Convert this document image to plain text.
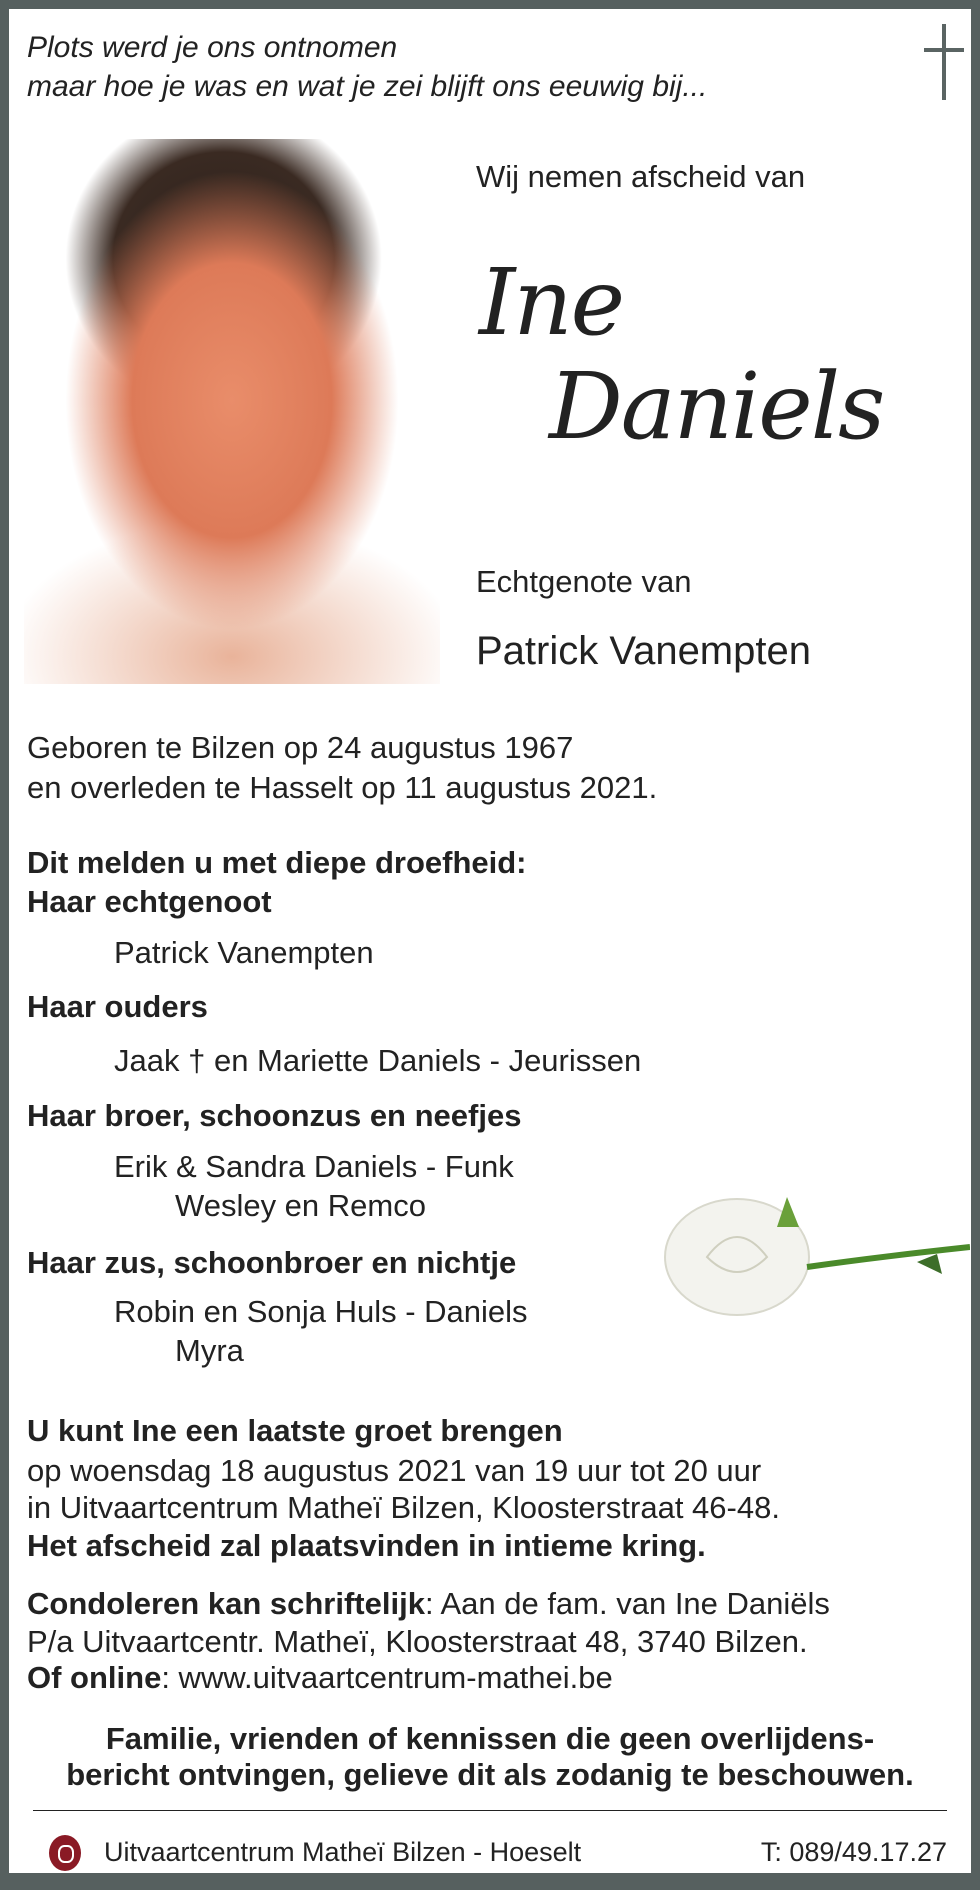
Plots werd je ons ontnomen
maar hoe je was en wat je zei blijft ons eeuwig bij...
Wij nemen afscheid van
Ine
Daniels
Echtgenote van
Patrick Vanempten
Geboren te Bilzen op 24 augustus 1967
en overleden te Hasselt op 11 augustus 2021.
Dit melden u met diepe droefheid:
Haar echtgenoot
Patrick Vanempten
Haar ouders
Jaak † en Mariette Daniels - Jeurissen
Haar broer, schoonzus en neefjes
Erik & Sandra Daniels - Funk
Wesley en Remco
Haar zus, schoonbroer en nichtje
Robin en Sonja Huls - Daniels
Myra
U kunt Ine een laatste groet brengen
op woensdag 18 augustus 2021 van 19 uur tot 20 uur
in Uitvaartcentrum Matheï Bilzen, Kloosterstraat 46-48.
Het afscheid zal plaatsvinden in intieme kring.
Condoleren kan schriftelijk: Aan de fam. van Ine Daniëls
P/a Uitvaartcentr. Matheï, Kloosterstraat 48, 3740 Bilzen.
Of online: www.uitvaartcentrum-mathei.be
Familie, vrienden of kennissen die geen overlijdens-
bericht ontvingen, gelieve dit als zodanig te beschouwen.
Uitvaartcentrum Matheï Bilzen - Hoeselt	T: 089/49.17.27
